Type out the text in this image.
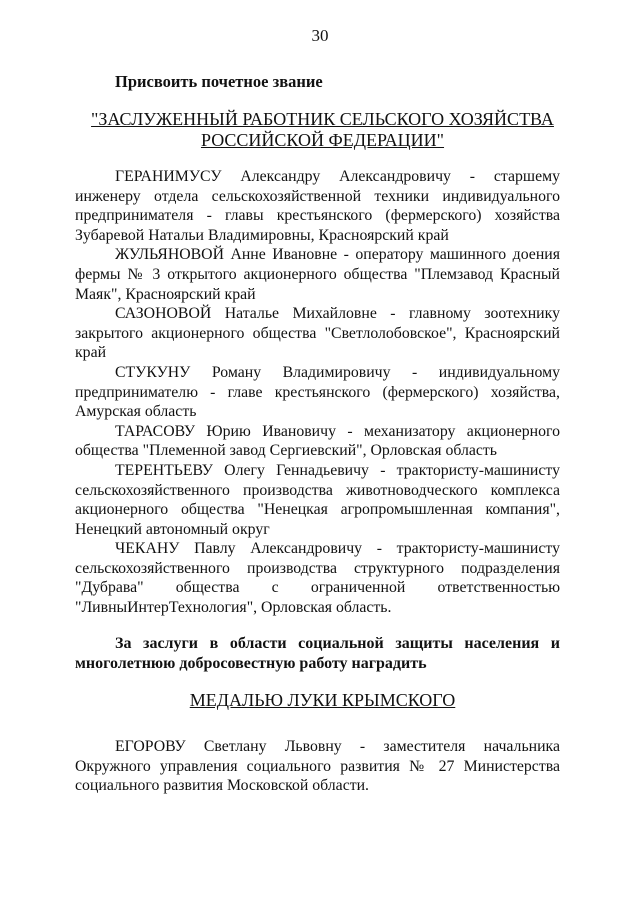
30
Присвоить почетное звание
"ЗАСЛУЖЕННЫЙ РАБОТНИК СЕЛЬСКОГО ХОЗЯЙСТВА
РОССИЙСКОЙ ФЕДЕРАЦИИ"

ГЕРАНИМУСУ Александру Александровичу - старшему инженеру отдела сельскохозяйственной техники индивидуального предпринимателя - главы крестьянского (фермерского) хозяйства Зубаревой Натальи Владимировны, Красноярский край

ЖУЛЬЯНОВОЙ Анне Ивановне - оператору машинного доения фермы № 3 открытого акционерного общества "Племзавод Красный Маяк", Красноярский край

САЗОНОВОЙ Наталье Михайловне - главному зоотехнику закрытого акционерного общества "Светлолобовское", Красноярский край

СТУКУНУ Роману Владимировичу - индивидуальному предпринимателю - главе крестьянского (фермерского) хозяйства, Амурская область

ТАРАСОВУ Юрию Ивановичу - механизатору акционерного общества "Племенной завод Сергиевский", Орловская область

ТЕРЕНТЬЕВУ Олегу Геннадьевичу - трактористу-машинисту сельскохозяйственного производства животноводческого комплекса акционерного общества "Ненецкая агропромышленная компания", Ненецкий автономный округ

ЧЕКАНУ Павлу Александровичу - трактористу-машинисту сельскохозяйственного производства структурного подразделения "Дубрава" общества с ограниченной ответственностью "ЛивныИнтерТехнология", Орловская область.

За заслуги в области социальной защиты населения и многолетнюю добросовестную работу наградить
МЕДАЛЬЮ ЛУКИ КРЫМСКОГО

ЕГОРОВУ Светлану Львовну - заместителя начальника Окружного управления социального развития № 27 Министерства социального развития Московской области.
